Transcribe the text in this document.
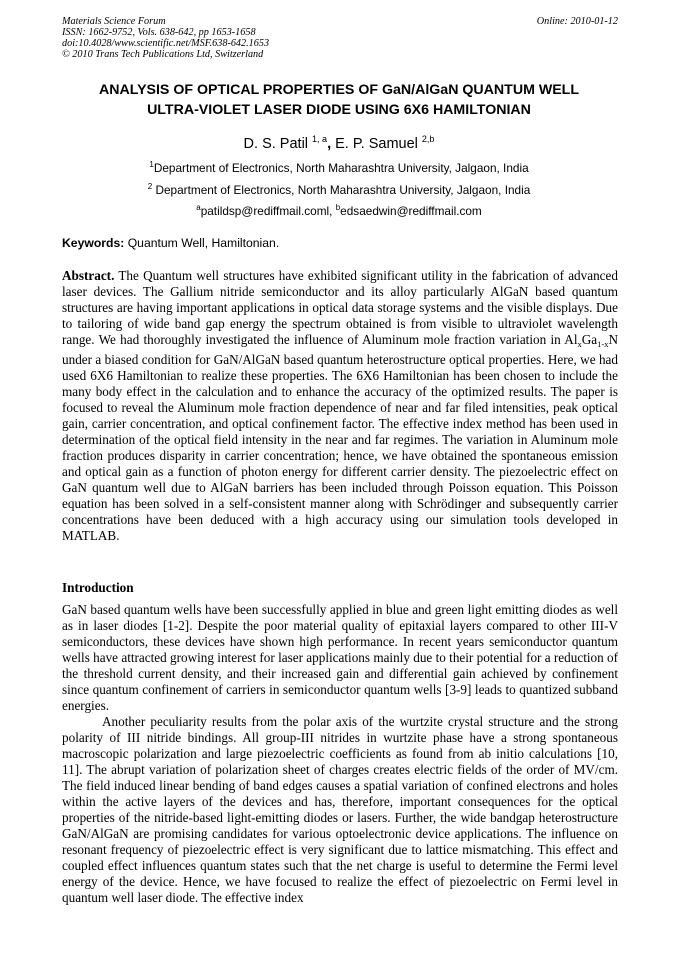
Materials Science Forum
ISSN: 1662-9752, Vols. 638-642, pp 1653-1658
doi:10.4028/www.scientific.net/MSF.638-642.1653
© 2010 Trans Tech Publications Ltd, Switzerland
Online: 2010-01-12
ANALYSIS OF OPTICAL PROPERTIES OF GaN/AlGaN QUANTUM WELL
ULTRA-VIOLET LASER DIODE USING 6X6 HAMILTONIAN
D. S. Patil $^{1, a}$, E. P. Samuel $^{2,b}$
$^1$Department of Electronics, North Maharashtra University, Jalgaon, India
$^2$ Department of Electronics, North Maharashtra University, Jalgaon, India
$^a$patildsp@rediffmail.coml, $^b$edsaedwin@rediffmail.com
Keywords: Quantum Well, Hamiltonian.
Abstract. The Quantum well structures have exhibited significant utility in the fabrication of advanced laser devices. The Gallium nitride semiconductor and its alloy particularly AlGaN based quantum structures are having important applications in optical data storage systems and the visible displays. Due to tailoring of wide band gap energy the spectrum obtained is from visible to ultraviolet wavelength range. We had thoroughly investigated the influence of Aluminum mole fraction variation in $Al_xGa_{1-x}N$ under a biased condition for GaN/AlGaN based quantum heterostructure optical properties. Here, we had used 6X6 Hamiltonian to realize these properties. The 6X6 Hamiltonian has been chosen to include the many body effect in the calculation and to enhance the accuracy of the optimized results. The paper is focused to reveal the Aluminum mole fraction dependence of near and far filed intensities, peak optical gain, carrier concentration, and optical confinement factor. The effective index method has been used in determination of the optical field intensity in the near and far regimes. The variation in Aluminum mole fraction produces disparity in carrier concentration; hence, we have obtained the spontaneous emission and optical gain as a function of photon energy for different carrier density. The piezoelectric effect on GaN quantum well due to AlGaN barriers has been included through Poisson equation. This Poisson equation has been solved in a self-consistent manner along with Schrödinger and subsequently carrier concentrations have been deduced with a high accuracy using our simulation tools developed in MATLAB.
Introduction
GaN based quantum wells have been successfully applied in blue and green light emitting diodes as well as in laser diodes [1-2]. Despite the poor material quality of epitaxial layers compared to other III-V semiconductors, these devices have shown high performance. In recent years semiconductor quantum wells have attracted growing interest for laser applications mainly due to their potential for a reduction of the threshold current density, and their increased gain and differential gain achieved by confinement since quantum confinement of carriers in semiconductor quantum wells [3-9] leads to quantized subband energies.
Another peculiarity results from the polar axis of the wurtzite crystal structure and the strong polarity of III nitride bindings. All group-III nitrides in wurtzite phase have a strong spontaneous macroscopic polarization and large piezoelectric coefficients as found from ab initio calculations [10, 11]. The abrupt variation of polarization sheet of charges creates electric fields of the order of MV/cm. The field induced linear bending of band edges causes a spatial variation of confined electrons and holes within the active layers of the devices and has, therefore, important consequences for the optical properties of the nitride-based light-emitting diodes or lasers. Further, the wide bandgap heterostructure GaN/AlGaN are promising candidates for various optoelectronic device applications. The influence on resonant frequency of piezoelectric effect is very significant due to lattice mismatching. This effect and coupled effect influences quantum states such that the net charge is useful to determine the Fermi level energy of the device. Hence, we have focused to realize the effect of piezoelectric on Fermi level in quantum well laser diode. The effective index
